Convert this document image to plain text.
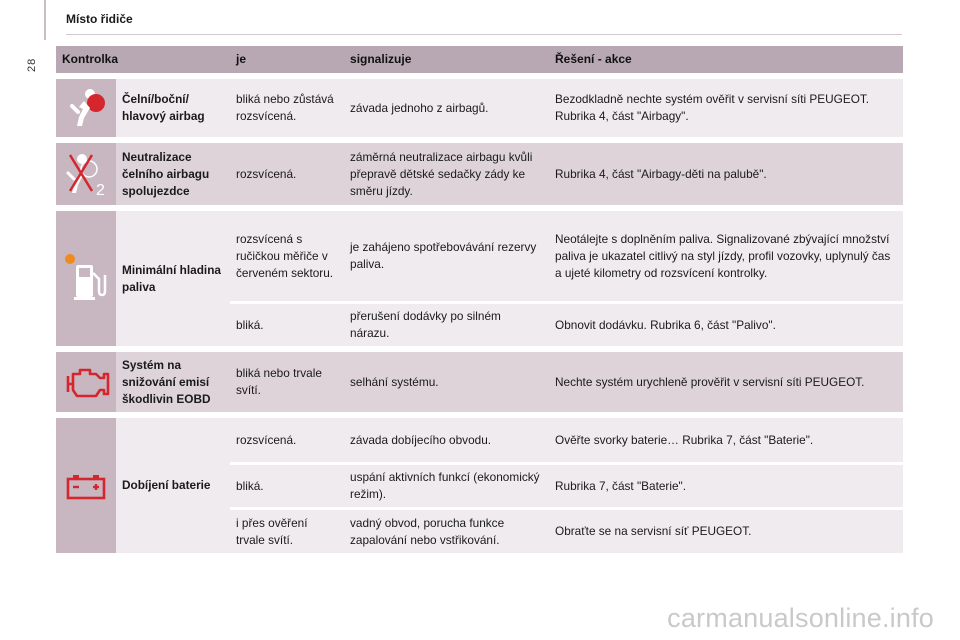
28
Místo řidiče
Kontrolka		je	signalizuje	Řešení - akce

	Čelní/boční/ hlavový airbag	bliká nebo zůstává rozsvícená.	závada jednoho z airbagů.	Bezodkladně nechte systém ověřit v servisní síti PEUGEOT. Rubrika 4, část "Airbagy".

2	Neutralizace čelního airbagu spolujezdce	rozsvícená.	záměrná neutralizace airbagu kvůli přepravě dětské sedačky zády ke směru jízdy.	Rubrika 4, část "Airbagy-děti na palubě".

	Minimální hladina paliva	rozsvícená s ručičkou měřiče v červeném sektoru.	je zahájeno spotřebovávání rezervy paliva.	Neotálejte s doplněním paliva. Signalizované zbývající množství paliva je ukazatel citlivý na styl jízdy, profil vozovky, uplynulý čas a ujeté kilometry od rozsvícení kontrolky.
		bliká.	přerušení dodávky po silném nárazu.	Obnovit dodávku. Rubrika 6, část "Palivo".

	Systém na snižování emisí škodlivin EOBD	bliká nebo trvale svítí.	selhání systému.	Nechte systém urychleně prověřit v servisní síti PEUGEOT.

	Dobíjení baterie	rozsvícená.	závada dobíjecího obvodu.	Ověřte svorky baterie… Rubrika 7, část "Baterie".
		bliká.	uspání aktivních funkcí (ekonomický režim).	Rubrika 7, část "Baterie".
		i přes ověření trvale svítí.	vadný obvod, porucha funkce zapalování nebo vstřikování.	Obraťte se na servisní síť PEUGEOT.
carmanualsonline.info
